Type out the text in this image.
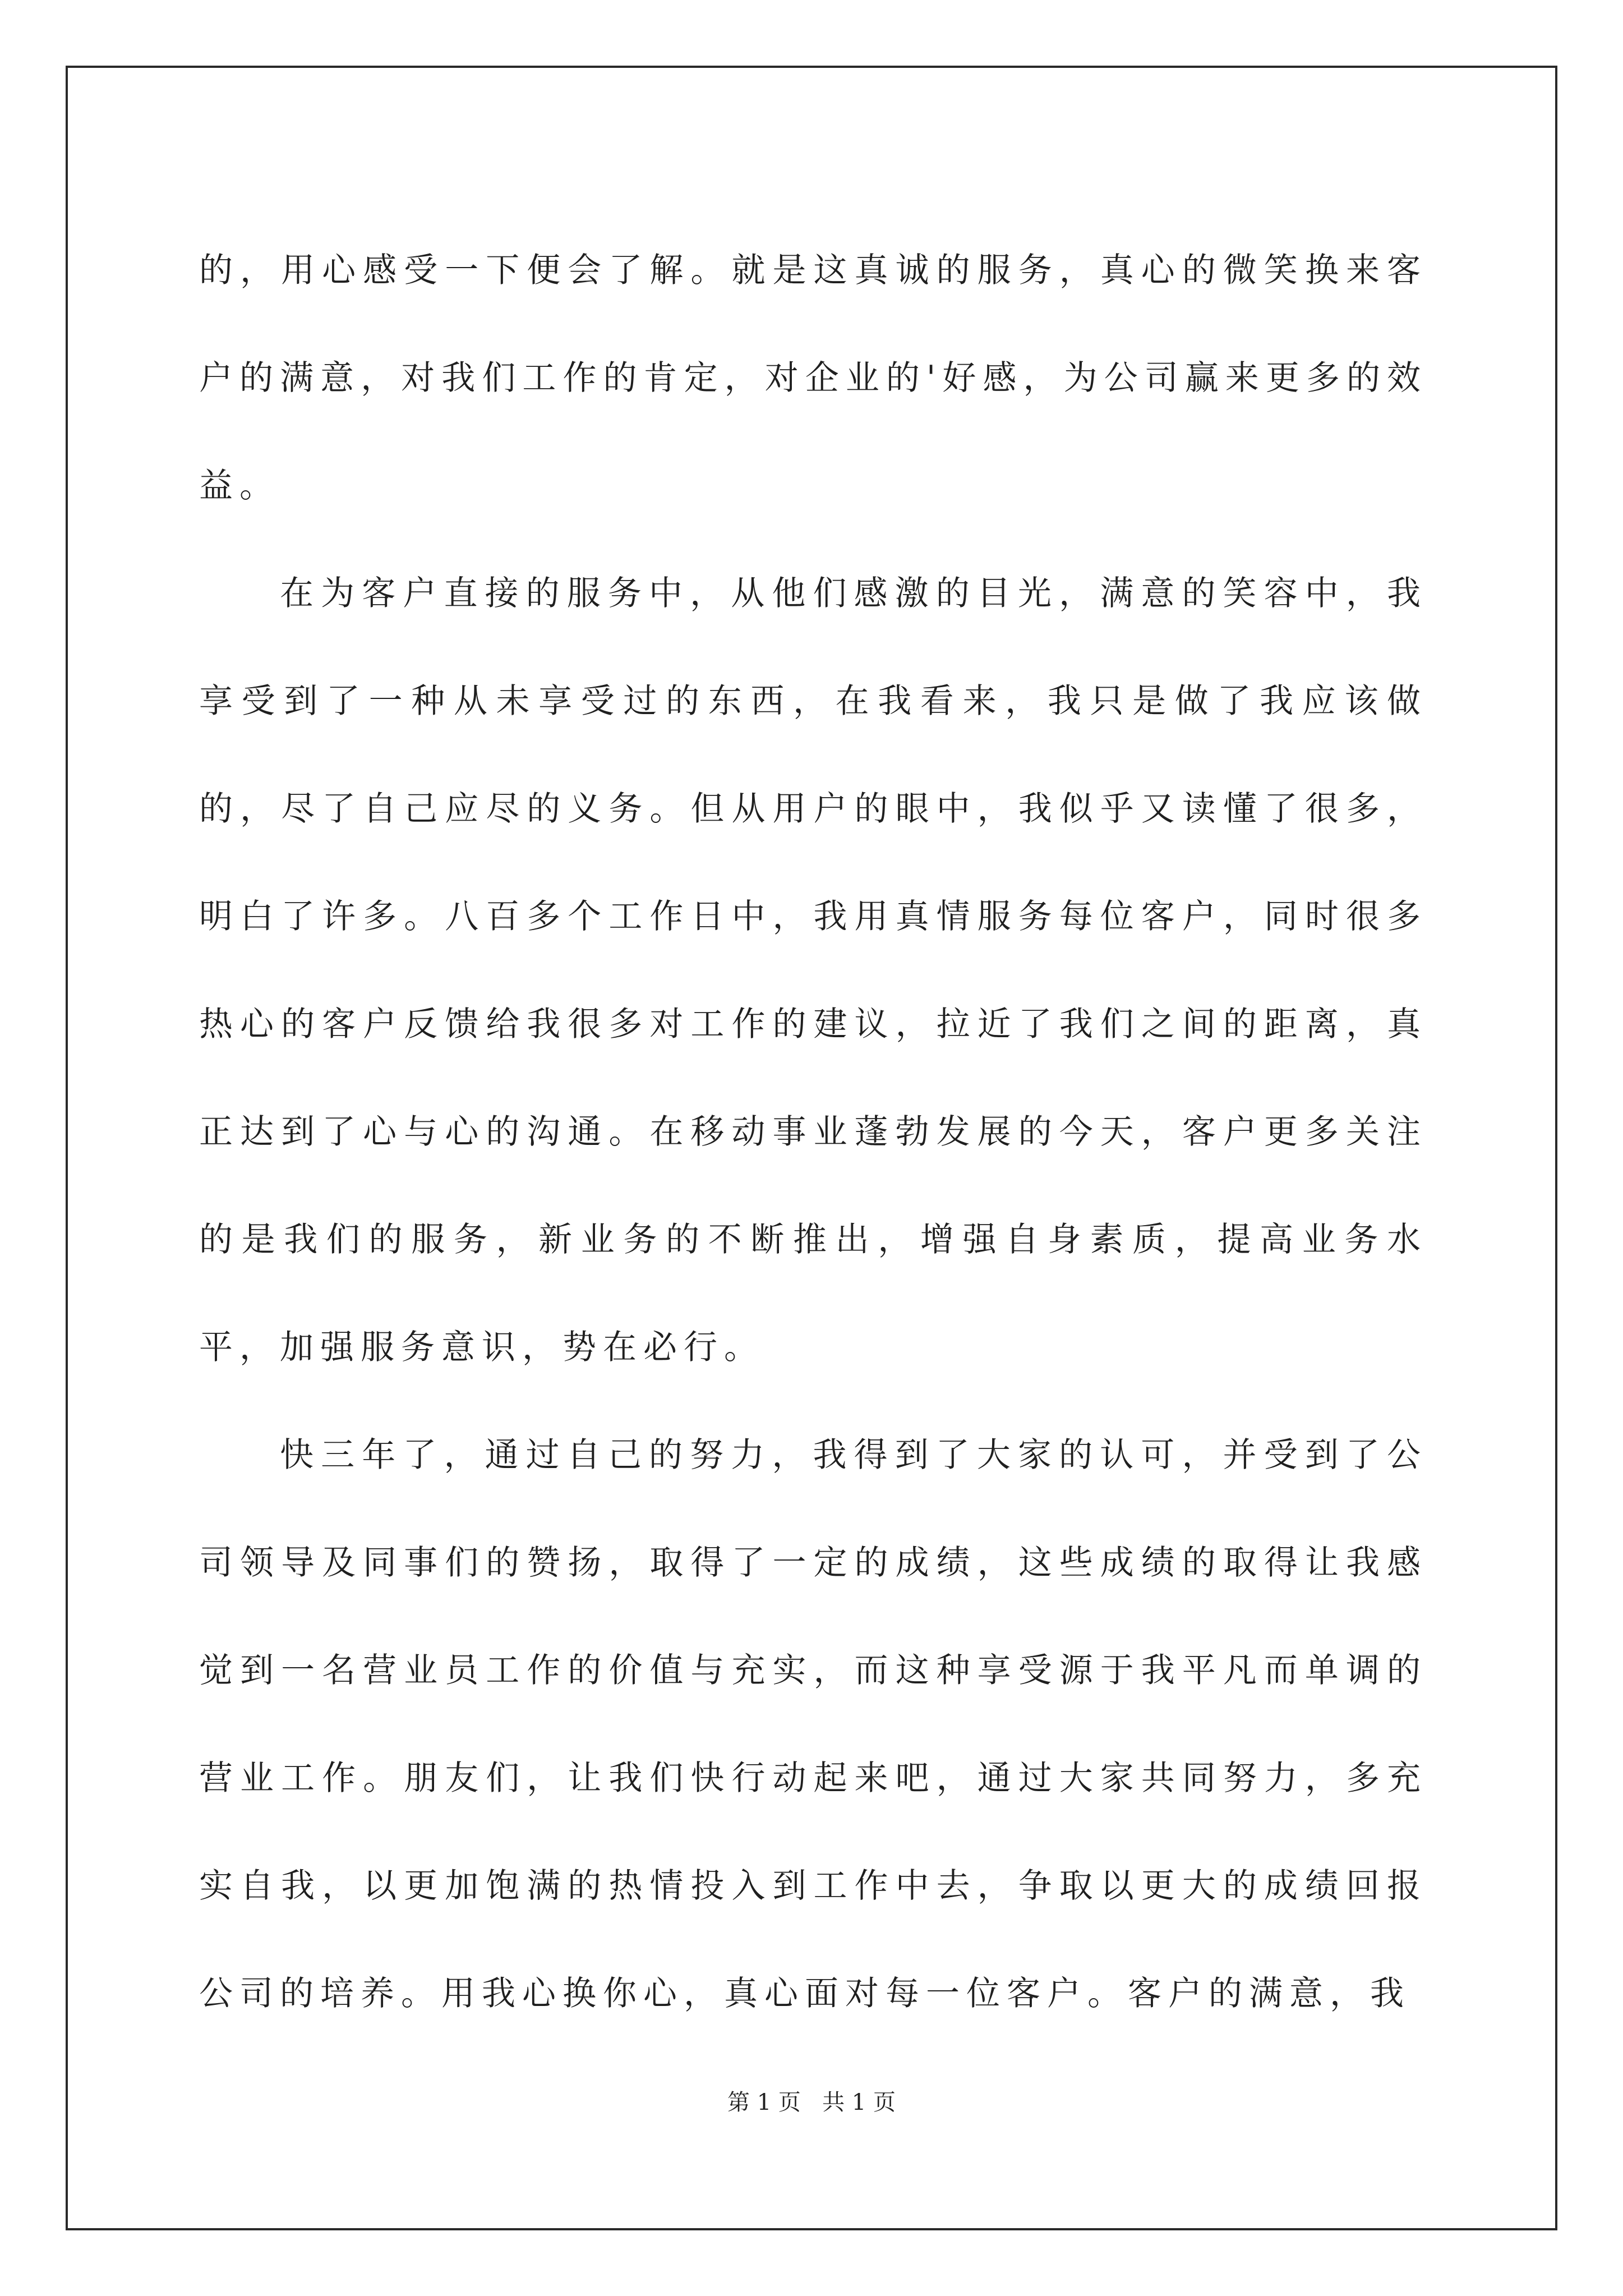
的，用心感受一下便会了解。就是这真诚的服务，真心的微笑换来客户的满意，对我们工作的肯定，对企业的'好感，为公司赢来更多的效益。

在为客户直接的服务中，从他们感激的目光，满意的笑容中，我享受到了一种从未享受过的东西，在我看来，我只是做了我应该做的，尽了自己应尽的义务。但从用户的眼中，我似乎又读懂了很多，明白了许多。八百多个工作日中，我用真情服务每位客户，同时很多热心的客户反馈给我很多对工作的建议，拉近了我们之间的距离，真正达到了心与心的沟通。在移动事业蓬勃发展的今天，客户更多关注的是我们的服务，新业务的不断推出，增强自身素质，提高业务水平，加强服务意识，势在必行。

快三年了，通过自己的努力，我得到了大家的认可，并受到了公司领导及同事们的赞扬，取得了一定的成绩，这些成绩的取得让我感觉到一名营业员工作的价值与充实，而这种享受源于我平凡而单调的营业工作。朋友们，让我们快行动起来吧，通过大家共同努力，多充实自我，以更加饱满的热情投入到工作中去，争取以更大的成绩回报公司的培养。用我心换你心，真心面对每一位客户。客户的满意，我

第 1 页   共 1 页
